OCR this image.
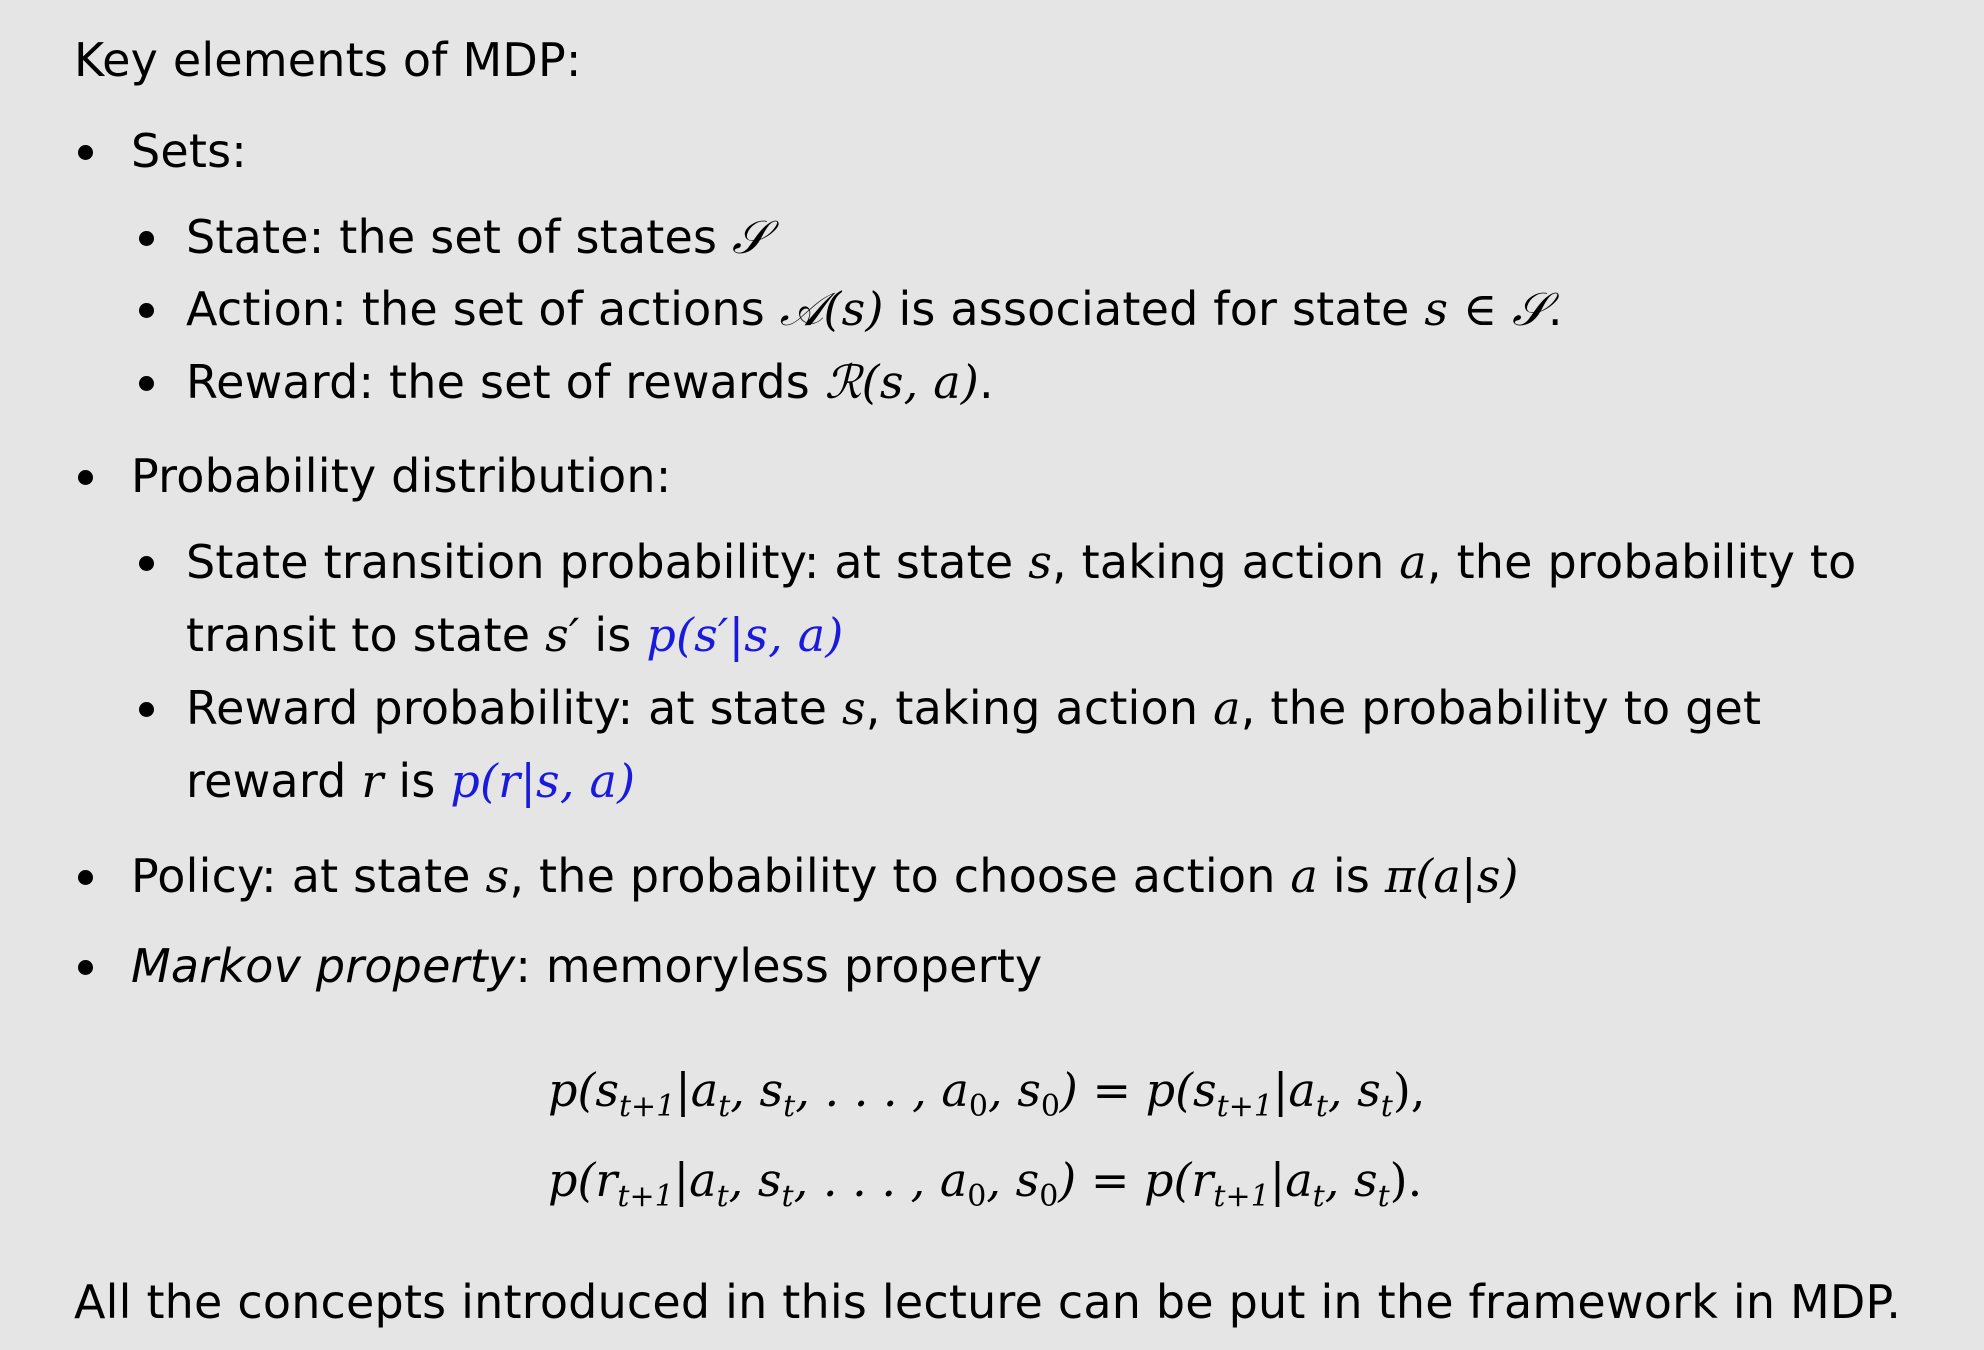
Key elements of MDP:
Sets:
State: the set of states 𝒮
Action: the set of actions 𝒜(s) is associated for state s ∈ 𝒮.
Reward: the set of rewards ℛ(s, a).
Probability distribution:
State transition probability: at state s, taking action a, the probability to
transit to state s′ is p(s′|s, a)
Reward probability: at state s, taking action a, the probability to get
reward r is p(r|s, a)
Policy: at state s, the probability to choose action a is π(a|s)
Markov property: memoryless property
$p(s_{t+1}|a_t$, $s_t$, . . . , $a_0$, $s_0) = p(s_{t+1}|a_t$, $s_t$),
$p(r_{t+1}|a_t$, $s_t$, . . . , $a_0$, $s_0) = p(r_{t+1}|a_t$, $s_t$).
All the concepts introduced in this lecture can be put in the framework in MDP.
